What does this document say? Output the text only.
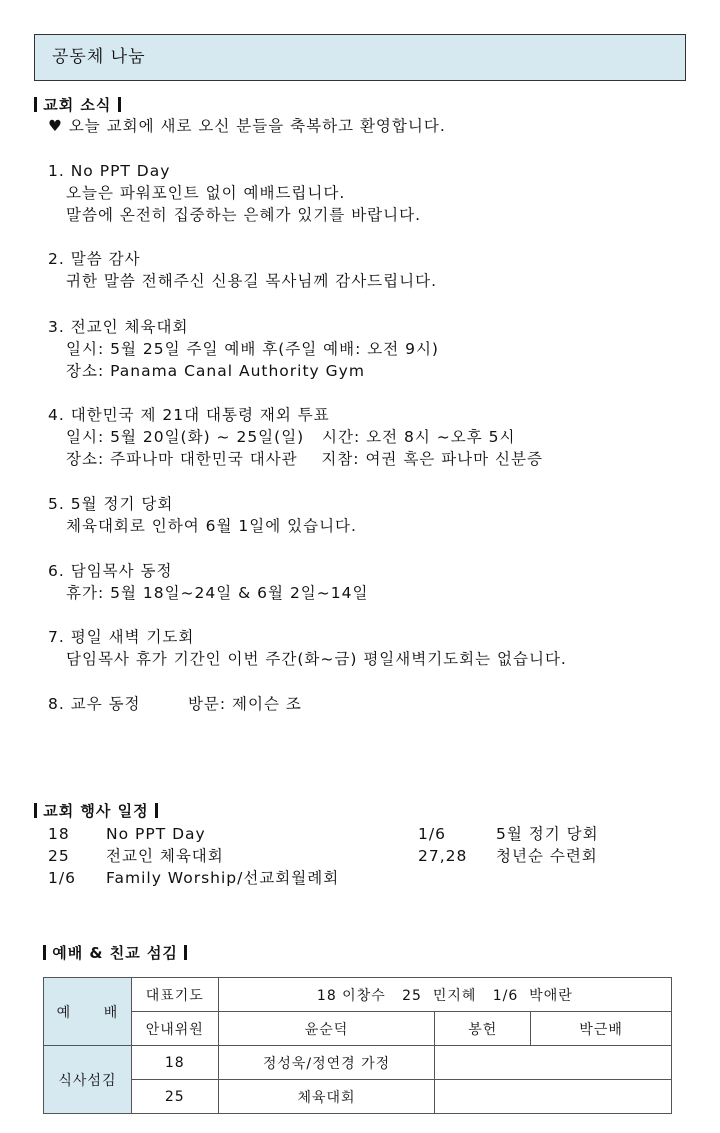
공동체 나눔
교회 소식
♥ 오늘 교회에 새로 오신 분들을 축복하고 환영합니다.
1. No PPT Day
오늘은 파워포인트 없이 예배드립니다.
말씀에 온전히 집중하는 은혜가 있기를 바랍니다.
2. 말씀 감사
귀한 말씀 전해주신 신용길 목사님께 감사드립니다.
3. 전교인 체육대회
일시: 5월 25일 주일 예배 후(주일 예배: 오전 9시)
장소: Panama Canal Authority Gym
4. 대한민국 제 21대 대통령 재외 투표
일시: 5월 20일(화) ~ 25일(일)   시간: 오전 8시 ~오후 5시
장소: 주파나마 대한민국 대사관    지참: 여권 혹은 파나마 신분증
5. 5월 정기 당회
체육대회로 인하여 6월 1일에 있습니다.
6. 담임목사 동정
휴가: 5월 18일~24일 & 6월 2일~14일
7. 평일 새벽 기도회
담임목사 휴가 기간인 이번 주간(화~금) 평일새벽기도회는 없습니다.
8. 교우 동정        방문: 제이슨 조
교회 행사 일정
18 No PPT Day	1/6	5월 정기 당회
25 전교인 체육대회	27,28 청년순 수련회
1/6 Family Worship/선교회월례회
예배 & 친교 섬김
예      배	대표기도	18 이창수   25  민지혜   1/6  박애란		
	안내위원	윤순덕	봉헌	박근배
식사섬김	18	정성욱/정연경 가정		
	25	체육대회		
